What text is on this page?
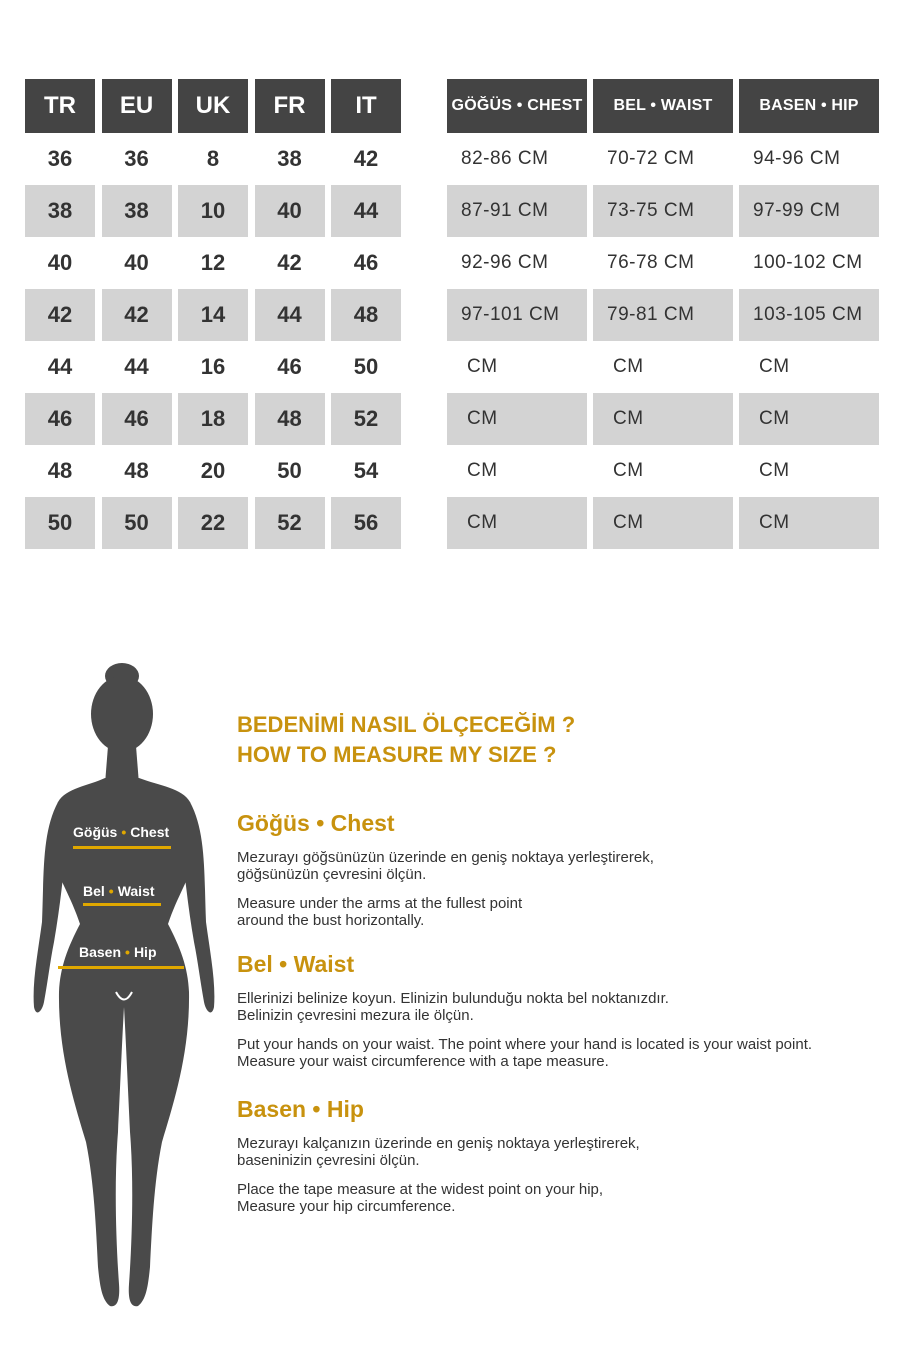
TR	EU	UK	FR	IT
36	36	8	38	42
38	38	10	40	44
40	40	12	42	46
42	42	14	44	48
44	44	16	46	50
46	46	18	48	52
48	48	20	50	54
50	50	22	52	56
GÖĞÜS • CHEST	BEL • WAIST	BASEN • HIP
82-86 CM	70-72 CM	94-96 CM
87-91 CM	73-75 CM	97-99 CM
92-96 CM	76-78 CM	100-102 CM
97-101 CM	79-81 CM	103-105 CM
CM	CM	CM
CM	CM	CM
CM	CM	CM
CM	CM	CM
Göğüs • Chest
Bel • Waist
Basen • Hip
BEDENİMİ NASIL ÖLÇECEĞİM ?
HOW TO MEASURE MY SIZE ?
Göğüs • Chest
Mezurayı göğsünüzün üzerinde en geniş noktaya yerleştirerek,
göğsünüzün çevresini ölçün.
Measure under the arms at the fullest point
around the bust horizontally.
Bel • Waist
Ellerinizi belinize koyun. Elinizin bulunduğu nokta bel noktanızdır.
Belinizin çevresini mezura ile ölçün.
Put your hands on your waist. The point where your hand is located is your waist point.
Measure your waist circumference with a tape measure.
Basen • Hip
Mezurayı kalçanızın üzerinde en geniş noktaya yerleştirerek,
baseninizin çevresini ölçün.
Place the tape measure at the widest point on your hip,
Measure your hip circumference.
